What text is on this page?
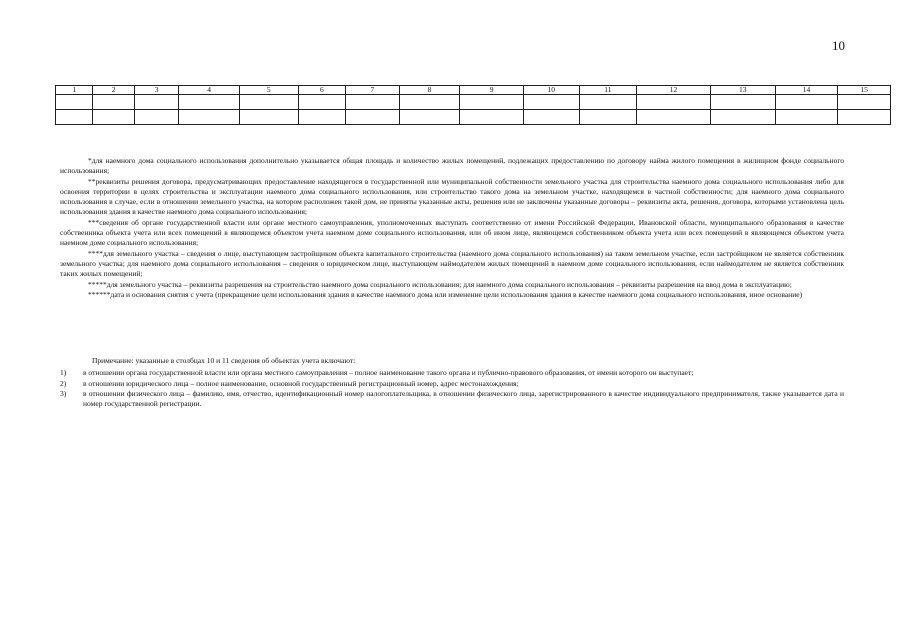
10
1	2	3	4	5	6	7	8	9	10	11	12	13	14	15

*для наемного дома социального использования дополнительно указывается общая площадь и количество жилых помещений, подлежащих предоставлению по договору найма жилого помещения в жилищном фонде социального использования;

**реквизиты решения договора, предусматривающих предоставление находящегося в государственной или муниципальной собственности земельного участка для строительства наемного дома социального использования либо для освоения территории в целях строительства и эксплуатации наемного дома социального использования, или строительство такого дома на земельном участке, находящемся в частной собственности; для наемного дома социального использования в случае, если в отношении земельного участка, на котором расположен такой дом, не приняты указанные акты, решения или не заключены указанные договоры – реквизиты акта, решения, договора, которыми установлена цель использования здания в качестве наемного дома социального использования;

***сведения об органе государственной власти или органе местного самоуправления, уполномоченных выступать соответственно от имени Российской Федерации, Ивановской области, муниципального образования в качестве собственника объекта учета или всех помещений в являющемся объектом учета наемном доме социального использования, или об ином лице, являющемся собственником объекта учета или всех помещений в являющемся объектом учета наемном доме социального использования;

****для земельного участка – сведения о лице, выступающем застройщиком объекта капитального строительства (наемного дома социального использования) на таком земельном участке, если застройщиком не является собственник земельного участка; для наемного дома социального использования – сведения о юридическом лице, выступающем наймодателем жилых помещений в наемном доме социального использования, если наймодателем не является собственник таких жилых помещений;

*****для земельного участка – реквизиты разрешения на строительство наемного дома социального использования; для наемного дома социального использования – реквизиты разрешения на ввод дома в эксплуатацию;

******дата и основания снятия с учета (прекращение цели использования здания в качестве наемного дома или изменение цели использования здания в качестве наемного дома социального использования, иное основание)

Примечание: указанные в столбцах 10 и 11 сведения об объектах учета включают:

1) в отношении органа государственной власти или органа местного самоуправления – полное наименование такого органа и публично-правового образования, от имени которого он выступает;
2) в отношении юридического лица – полное наименование, основной государственный регистрационный номер, адрес местонахождения;
3) в отношении физического лица – фамилию, имя, отчество, идентификационный номер налогоплательщика, в отношении физического лица, зарегистрированного в качестве индивидуального предпринимателя, также указывается дата и номер государственной регистрации.
